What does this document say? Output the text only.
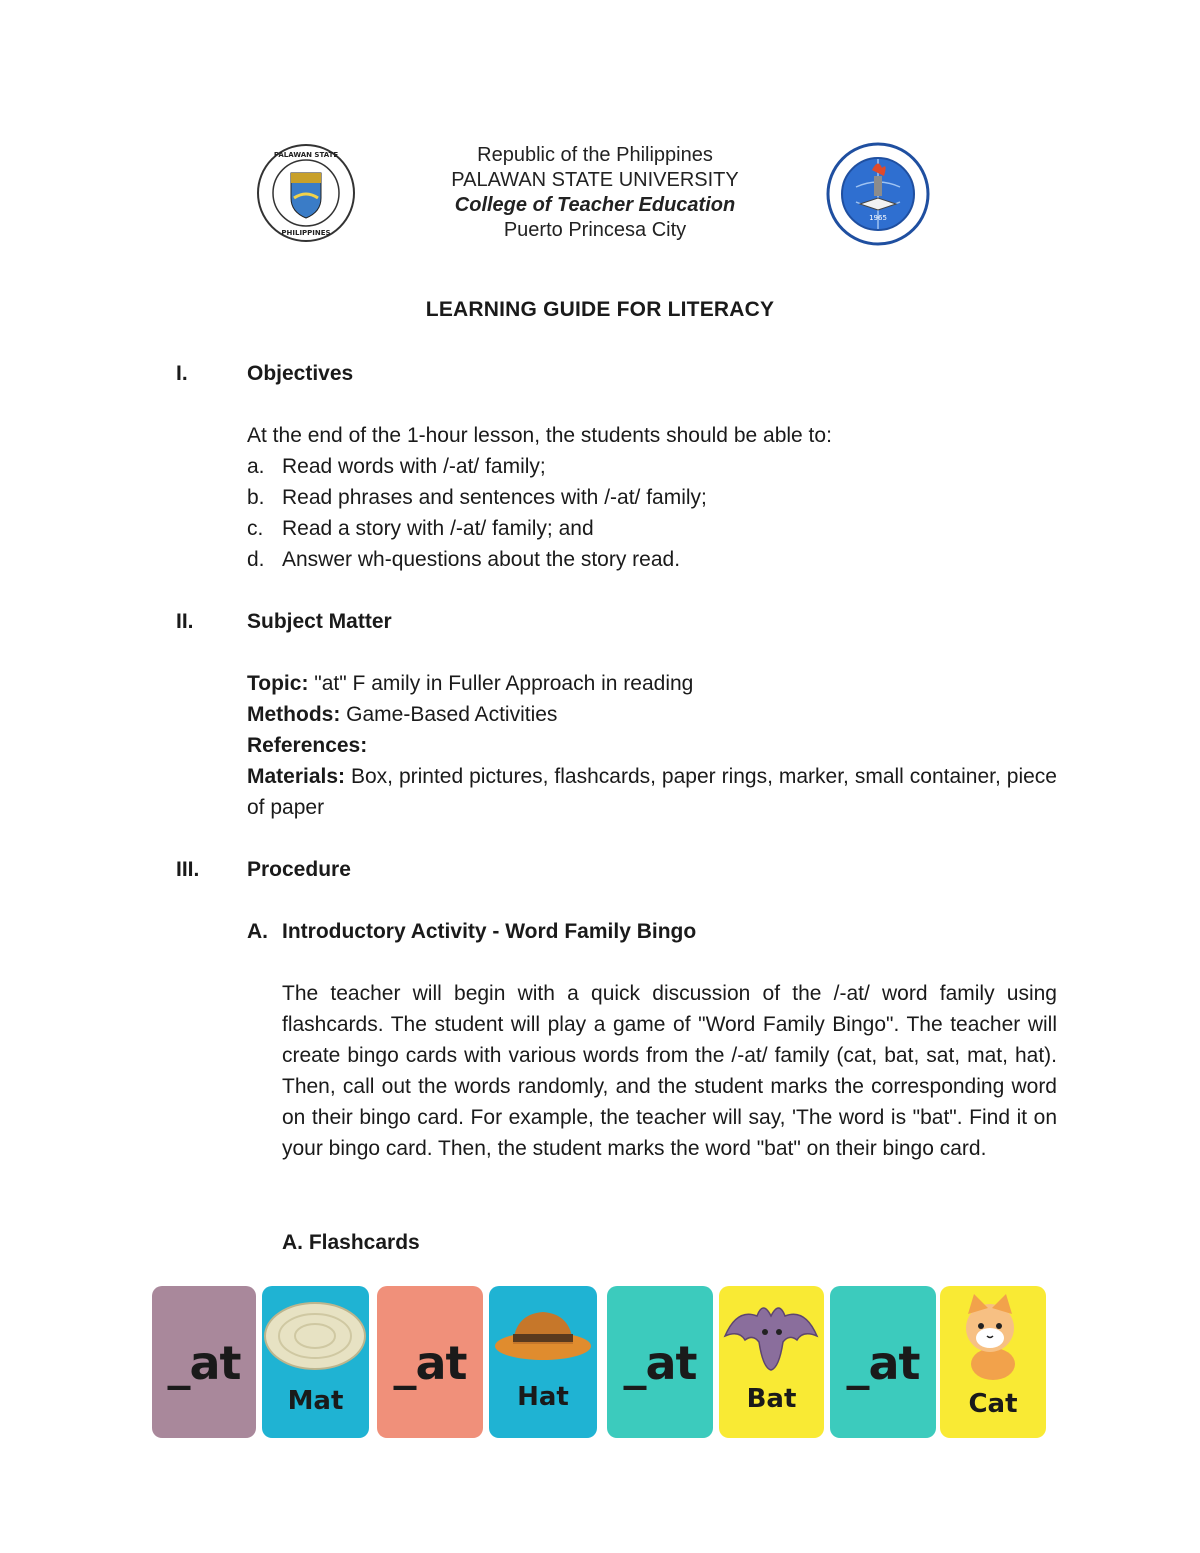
PALAWAN STATE
PHILIPPINES
1965
Republic of the Philippines
PALAWAN STATE UNIVERSITY
College of Teacher Education
Puerto Princesa City
LEARNING GUIDE FOR LITERACY
I.	Objectives
At the end of the 1-hour lesson, the students should be able to:
a. Read words with /-at/ family;
b. Read phrases and sentences with /-at/ family;
c. Read a story with /-at/ family; and
d. Answer wh-questions about the story read.
II.	Subject Matter
Topic: "at" F amily in Fuller Approach in reading
Methods: Game-Based Activities
References:
Materials: Box, printed pictures, flashcards, paper rings, marker, small container, piece of paper
III. Procedure
A. Introductory Activity - Word Family Bingo
The teacher will begin with a quick discussion of the /-at/ word family using flashcards. The student will play a game of "Word Family Bingo". The teacher will create bingo cards with various words from the /-at/ family (cat, bat, sat, mat, hat). Then, call out the words randomly, and the student marks the corresponding word on their bingo card. For example, the teacher will say, 'The word is "bat". Find it on your bingo card. Then, the student marks the word "bat" on their bingo card.
A. Flashcards
_at
Mat
_at
Hat
_at
Bat
_at
Cat
